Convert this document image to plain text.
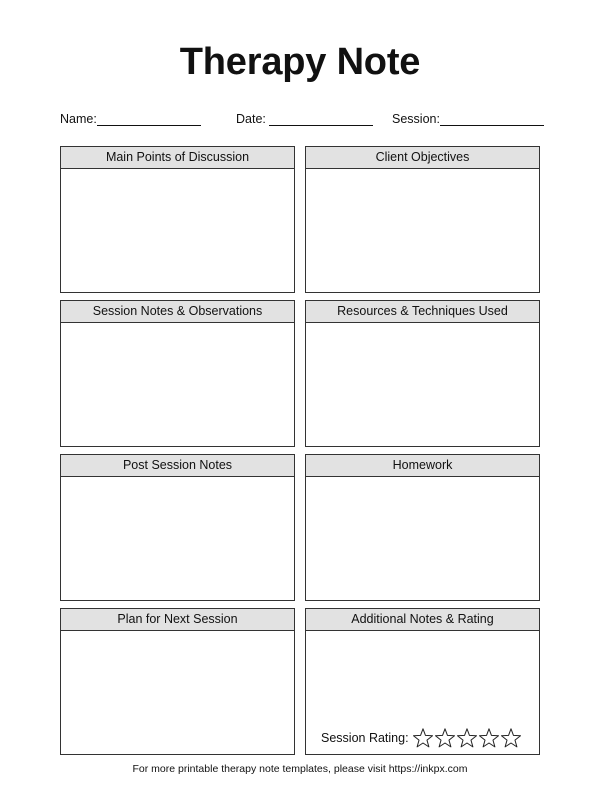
Therapy Note
Name:	Date:	Session:
Main Points of Discussion	Client Objectives
Session Notes & Observations	Resources & Techniques Used
Post Session Notes	Homework
Plan for Next Session	Additional Notes & Rating
Session Rating:
For more printable therapy note templates, please visit https://inkpx.com
